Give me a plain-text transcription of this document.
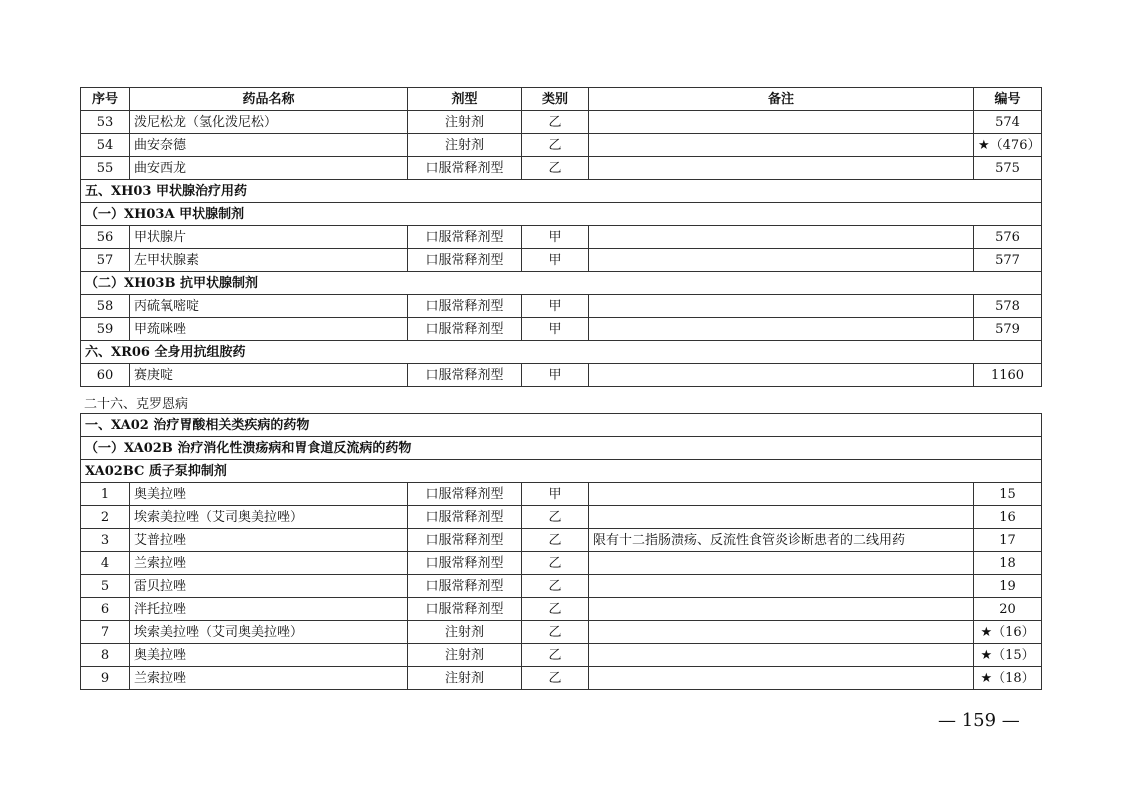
序号	药品名称	剂型	类别	备注	编号
53	泼尼松龙（氢化泼尼松）	注射剂	乙		574
54	曲安奈德	注射剂	乙		★（476）
55	曲安西龙	口服常释剂型	乙		575
五、XH03 甲状腺治疗用药					
（一）XH03A 甲状腺制剂					
56	甲状腺片	口服常释剂型	甲		576
57	左甲状腺素	口服常释剂型	甲		577
（二）XH03B 抗甲状腺制剂					
58	丙硫氧嘧啶	口服常释剂型	甲		578
59	甲巯咪唑	口服常释剂型	甲		579
六、XR06 全身用抗组胺药					
60	赛庚啶	口服常释剂型	甲		1160
二十六、克罗恩病
一、XA02 治疗胃酸相关类疾病的药物					
（一）XA02B 治疗消化性溃疡病和胃食道反流病的药物					
XA02BC 质子泵抑制剂					
1	奥美拉唑	口服常释剂型	甲		15
2	埃索美拉唑（艾司奥美拉唑）	口服常释剂型	乙		16
3	艾普拉唑	口服常释剂型	乙	限有十二指肠溃疡、反流性食管炎诊断患者的二线用药	17
4	兰索拉唑	口服常释剂型	乙		18
5	雷贝拉唑	口服常释剂型	乙		19
6	泮托拉唑	口服常释剂型	乙		20
7	埃索美拉唑（艾司奥美拉唑）	注射剂	乙		★（16）
8	奥美拉唑	注射剂	乙		★（15）
9	兰索拉唑	注射剂	乙		★（18）
— 159 —
